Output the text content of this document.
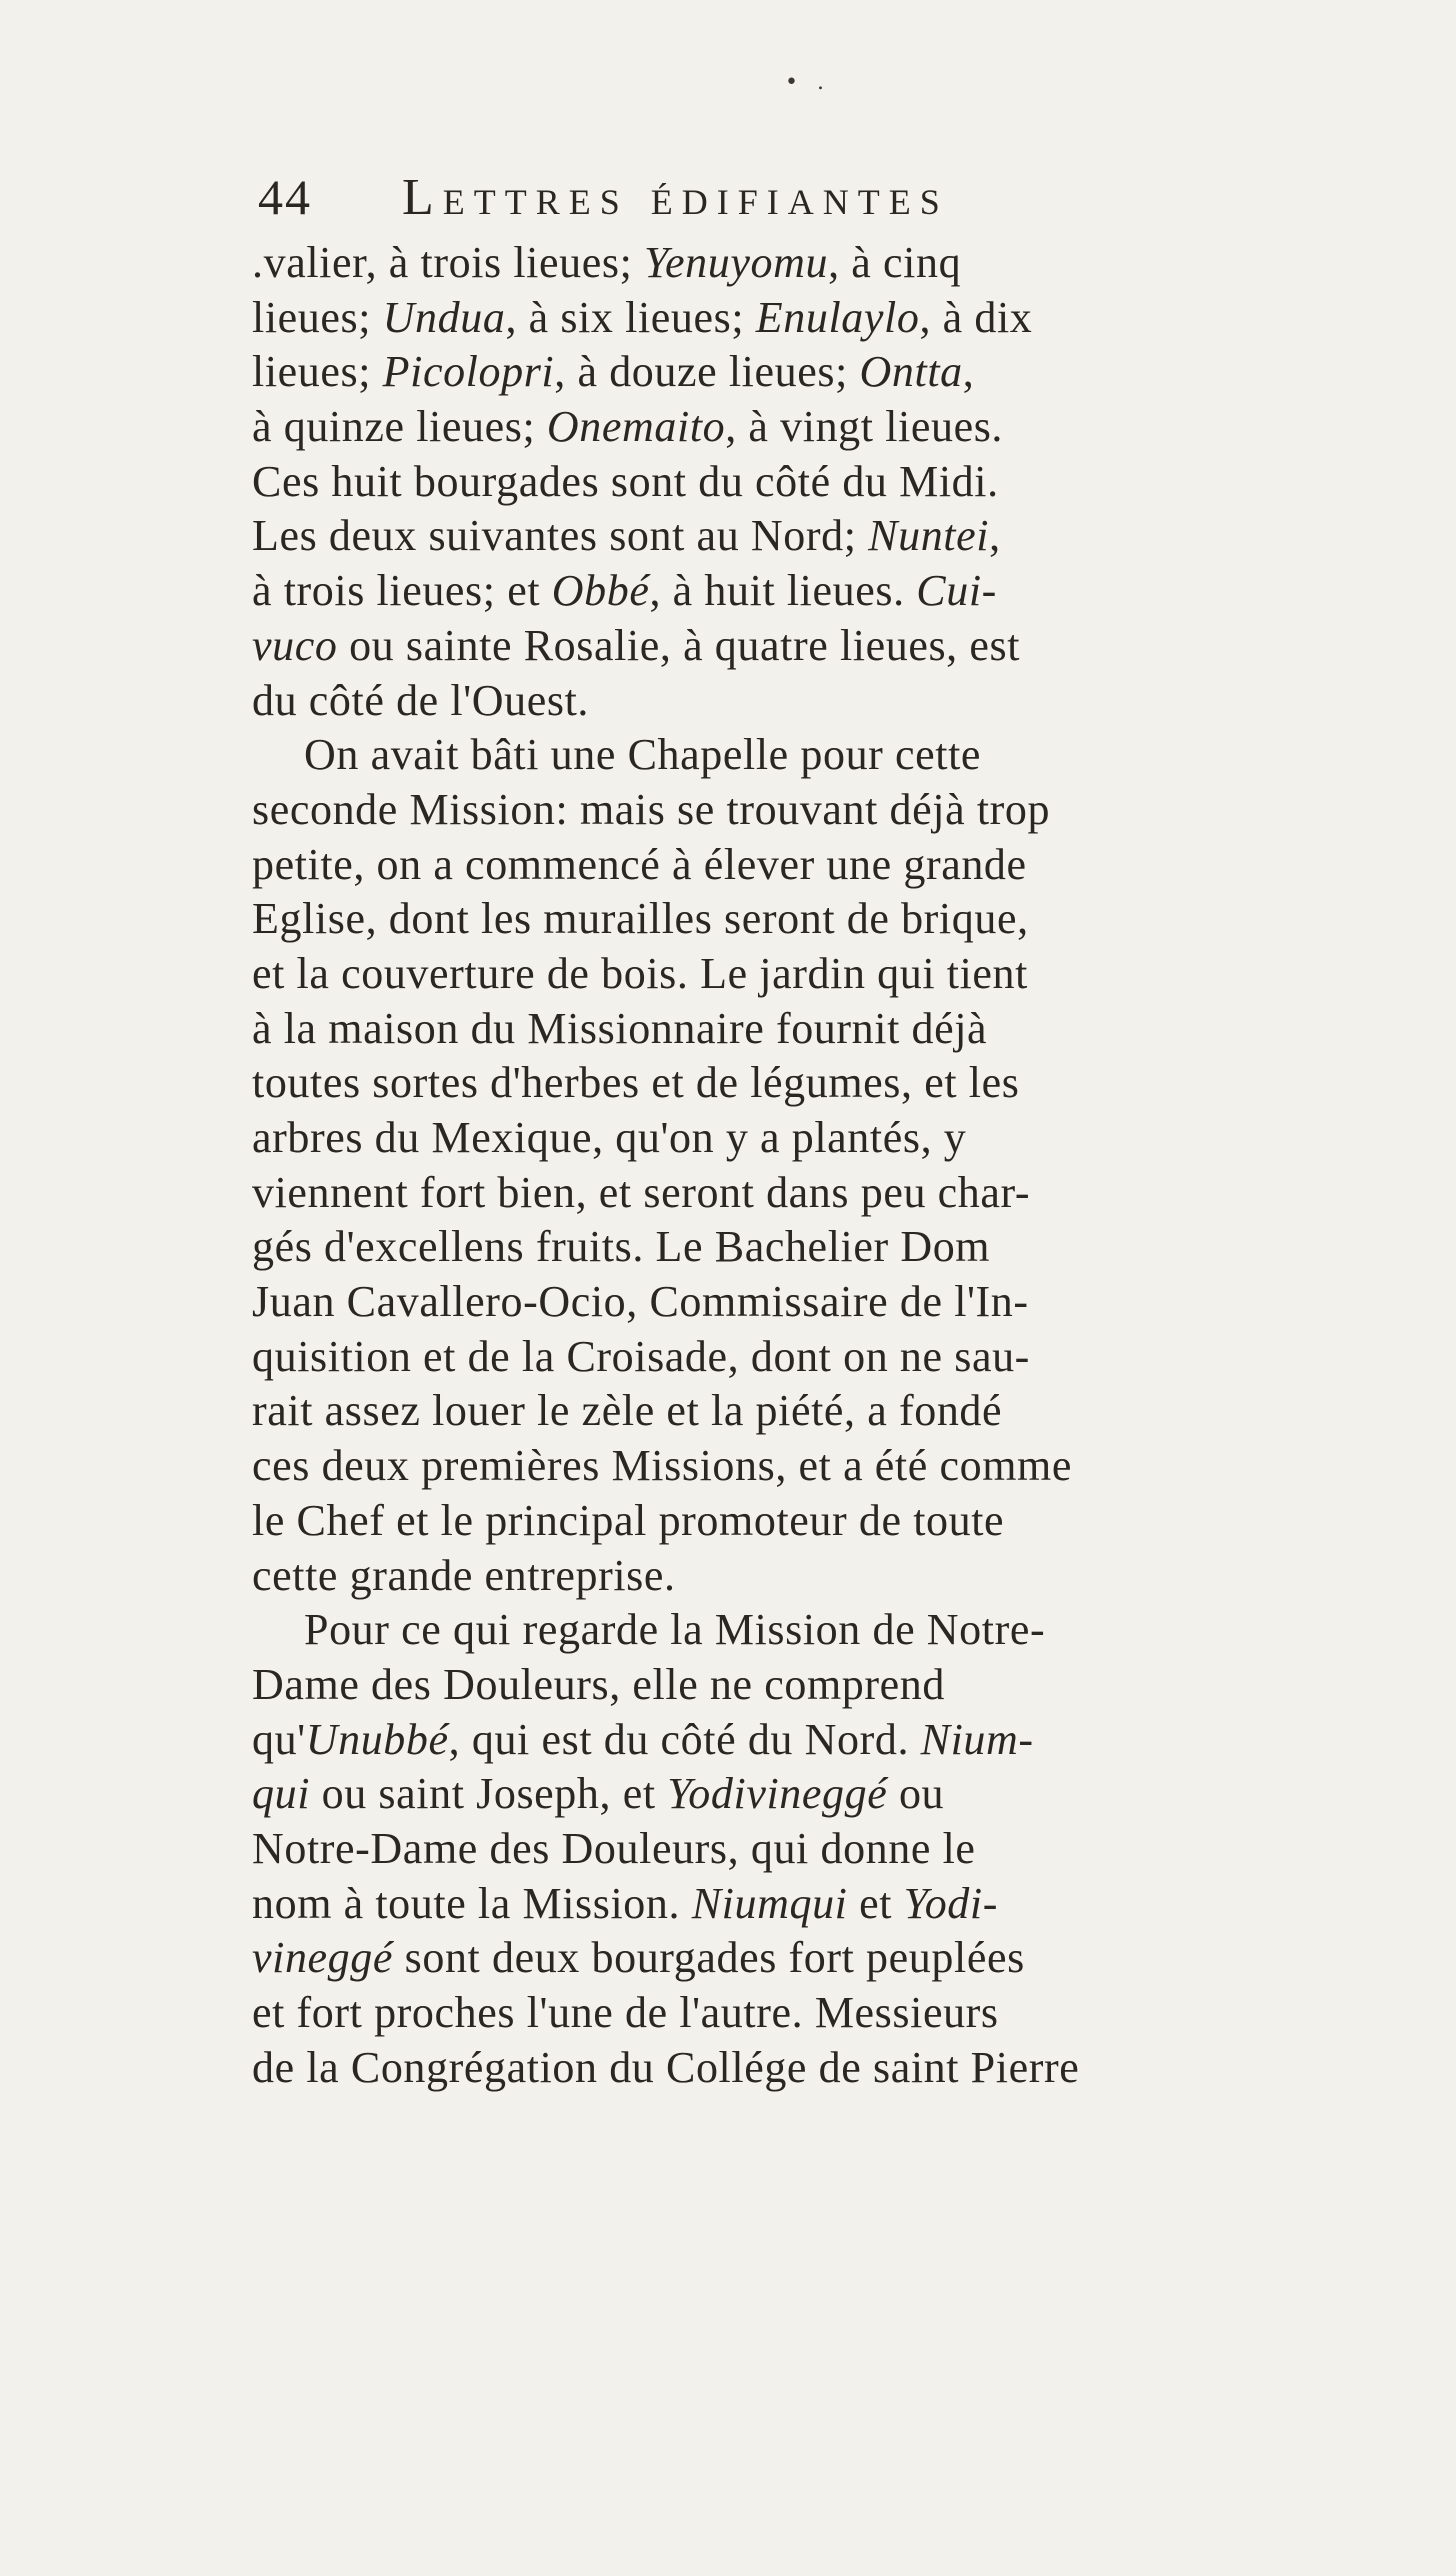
• .
44 Lettres édifiantes
.valier, à trois lieues; Yenuyomu, à cinq
lieues; Undua, à six lieues; Enulaylo, à dix
lieues; Picolopri, à douze lieues; Ontta,
à quinze lieues; Onemaito, à vingt lieues.
Ces huit bourgades sont du côté du Midi.
Les deux suivantes sont au Nord; Nuntei,
à trois lieues; et Obbé, à huit lieues. Cui-
vuco ou sainte Rosalie, à quatre lieues, est
du côté de l'Ouest.
On avait bâti une Chapelle pour cette
seconde Mission: mais se trouvant déjà trop
petite, on a commencé à élever une grande
Eglise, dont les murailles seront de brique,
et la couverture de bois. Le jardin qui tient
à la maison du Missionnaire fournit déjà
toutes sortes d'herbes et de légumes, et les
arbres du Mexique, qu'on y a plantés, y
viennent fort bien, et seront dans peu char-
gés d'excellens fruits. Le Bachelier Dom
Juan Cavallero-Ocio, Commissaire de l'In-
quisition et de la Croisade, dont on ne sau-
rait assez louer le zèle et la piété, a fondé
ces deux premières Missions, et a été comme
le Chef et le principal promoteur de toute
cette grande entreprise.
Pour ce qui regarde la Mission de Notre-
Dame des Douleurs, elle ne comprend
qu'Unubbé, qui est du côté du Nord. Nium-
qui ou saint Joseph, et Yodivineggé ou
Notre-Dame des Douleurs, qui donne le
nom à toute la Mission. Niumqui et Yodi-
vineggé sont deux bourgades fort peuplées
et fort proches l'une de l'autre. Messieurs
de la Congrégation du Collége de saint Pierre
